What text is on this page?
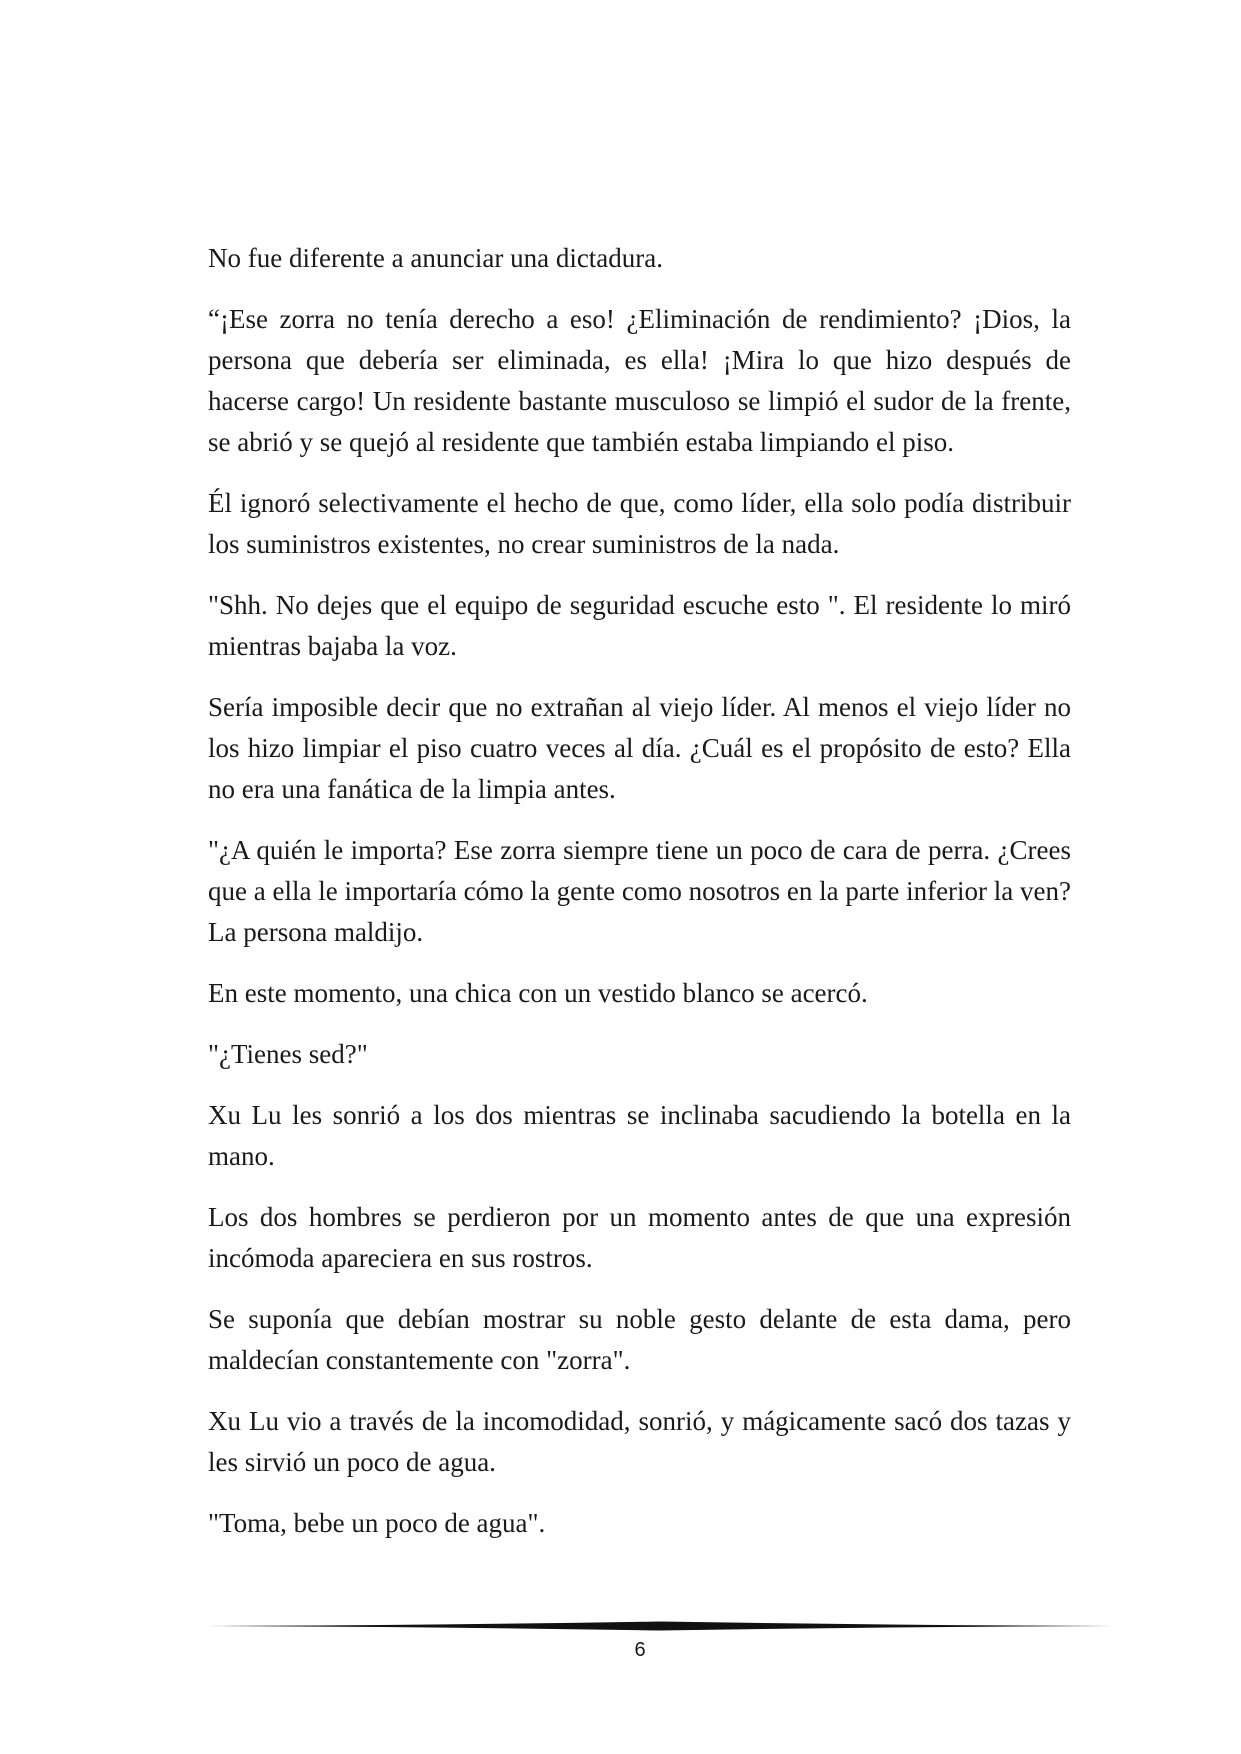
No fue diferente a anunciar una dictadura.

“¡Ese zorra no tenía derecho a eso! ¿Eliminación de rendimiento? ¡Dios, la persona que debería ser eliminada, es ella! ¡Mira lo que hizo después de hacerse cargo! Un residente bastante musculoso se limpió el sudor de la frente, se abrió y se quejó al residente que también estaba limpiando el piso.

Él ignoró selectivamente el hecho de que, como líder, ella solo podía distribuir los suministros existentes, no crear suministros de la nada.

"Shh. No dejes que el equipo de seguridad escuche esto ". El residente lo miró mientras bajaba la voz.

Sería imposible decir que no extrañan al viejo líder. Al menos el viejo líder no los hizo limpiar el piso cuatro veces al día. ¿Cuál es el propósito de esto? Ella no era una fanática de la limpia antes.

"¿A quién le importa? Ese zorra siempre tiene un poco de cara de perra. ¿Crees que a ella le importaría cómo la gente como nosotros en la parte inferior la ven? La persona maldijo.

En este momento, una chica con un vestido blanco se acercó.

"¿Tienes sed?"

Xu Lu les sonrió a los dos mientras se inclinaba sacudiendo la botella en la mano.

Los dos hombres se perdieron por un momento antes de que una expresión incómoda apareciera en sus rostros.

Se suponía que debían mostrar su noble gesto delante de esta dama, pero maldecían constantemente con "zorra".

Xu Lu vio a través de la incomodidad, sonrió, y mágicamente sacó dos tazas y les sirvió un poco de agua.

"Toma, bebe un poco de agua".

6
